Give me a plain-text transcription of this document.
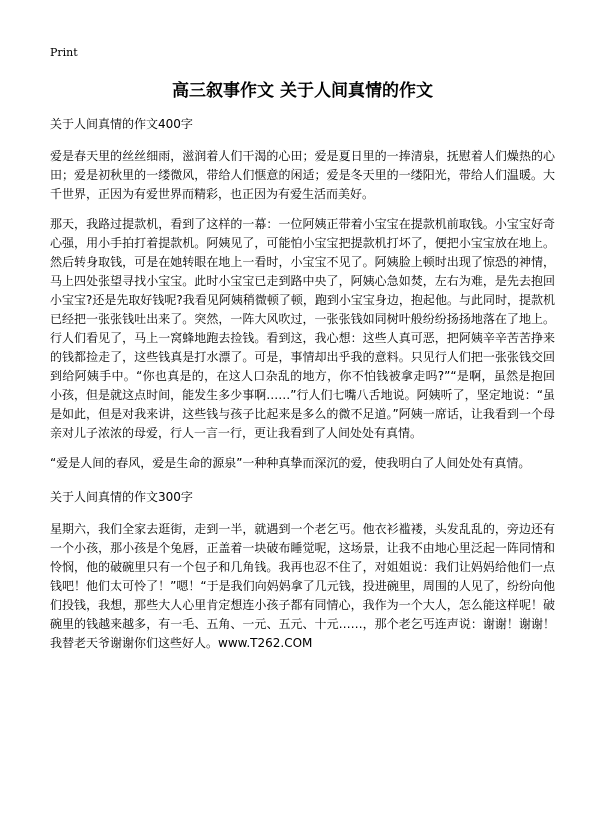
Print
高三叙事作文 关于人间真情的作文
关于人间真情的作文400字

爱是春天里的丝丝细雨，滋润着人们干渴的心田；爱是夏日里的一捧清泉，抚慰着人们燥热的心田；爱是初秋里的一缕微风，带给人们惬意的闲适；爱是冬天里的一缕阳光，带给人们温暖。大千世界，正因为有爱世界而精彩，也正因为有爱生活而美好。

那天，我路过提款机，看到了这样的一幕：一位阿姨正带着小宝宝在提款机前取钱。小宝宝好奇心强，用小手拍打着提款机。阿姨见了，可能怕小宝宝把提款机打坏了，便把小宝宝放在地上。然后转身取钱，可是在她转眼在地上一看时，小宝宝不见了。阿姨脸上顿时出现了惊恐的神情，马上四处张望寻找小宝宝。此时小宝宝已走到路中央了，阿姨心急如焚，左右为难，是先去抱回小宝宝?还是先取好钱呢?我看见阿姨稍微顿了顿，跑到小宝宝身边，抱起他。与此同时，提款机已经把一张张钱吐出来了。突然，一阵大风吹过，一张张钱如同树叶般纷纷扬扬地落在了地上。行人们看见了，马上一窝蜂地跑去捡钱。看到这，我心想：这些人真可恶，把阿姨辛辛苦苦挣来的钱都捡走了，这些钱真是打水漂了。可是，事情却出乎我的意料。只见行人们把一张张钱交回到给阿姨手中。“你也真是的，在这人口杂乱的地方，你不怕钱被拿走吗?”“是啊，虽然是抱回小孩，但是就这点时间，能发生多少事啊……”行人们七嘴八舌地说。阿姨听了，坚定地说：“虽是如此，但是对我来讲，这些钱与孩子比起来是多么的微不足道。”阿姨一席话，让我看到一个母亲对儿子浓浓的母爱，行人一言一行，更让我看到了人间处处有真情。

“爱是人间的春风，爱是生命的源泉”一种种真挚而深沉的爱，使我明白了人间处处有真情。

关于人间真情的作文300字

星期六，我们全家去逛街，走到一半，就遇到一个老乞丐。他衣衫褴褛，头发乱乱的，旁边还有一个小孩，那小孩是个兔唇，正盖着一块破布睡觉呢，这场景，让我不由地心里泛起一阵同情和怜悯，他的破碗里只有一个包子和几角钱。我再也忍不住了，对姐姐说：我们让妈妈给他们一点钱吧！他们太可怜了！”嗯！“于是我们向妈妈拿了几元钱，投进碗里，周围的人见了，纷纷向他们投钱，我想，那些大人心里肯定想连小孩子都有同情心，我作为一个大人，怎么能这样呢！破碗里的钱越来越多，有一毛、五角、一元、五元、十元……，那个老乞丐连声说：谢谢！谢谢！我替老天爷谢谢你们这些好人。www.T262.COM
